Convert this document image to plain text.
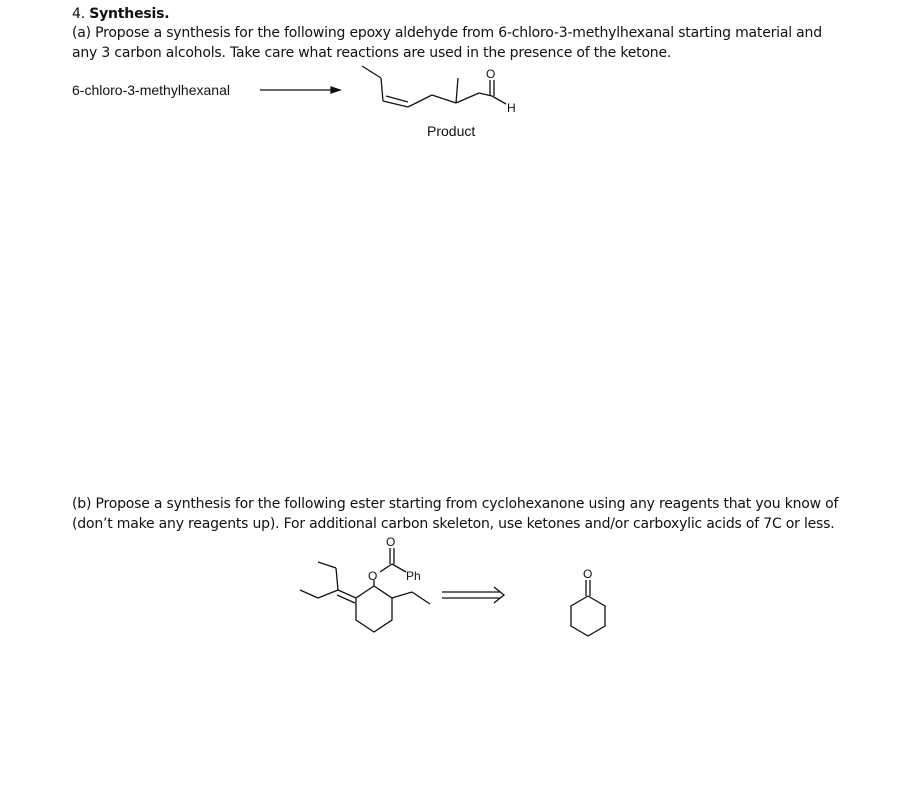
4. Synthesis.
(a) Propose a synthesis for the following epoxy aldehyde from 6-chloro-3-methylhexanal starting material and
any 3 carbon alcohols. Take care what reactions are used in the presence of the ketone.
6-chloro-3-methylhexanal
O
H
Product
(b) Propose a synthesis for the following ester starting from cyclohexanone using any reagents that you know of
(don’t make any reagents up). For additional carbon skeleton, use ketones and/or carboxylic acids of 7C or less.
O
O Ph	O
